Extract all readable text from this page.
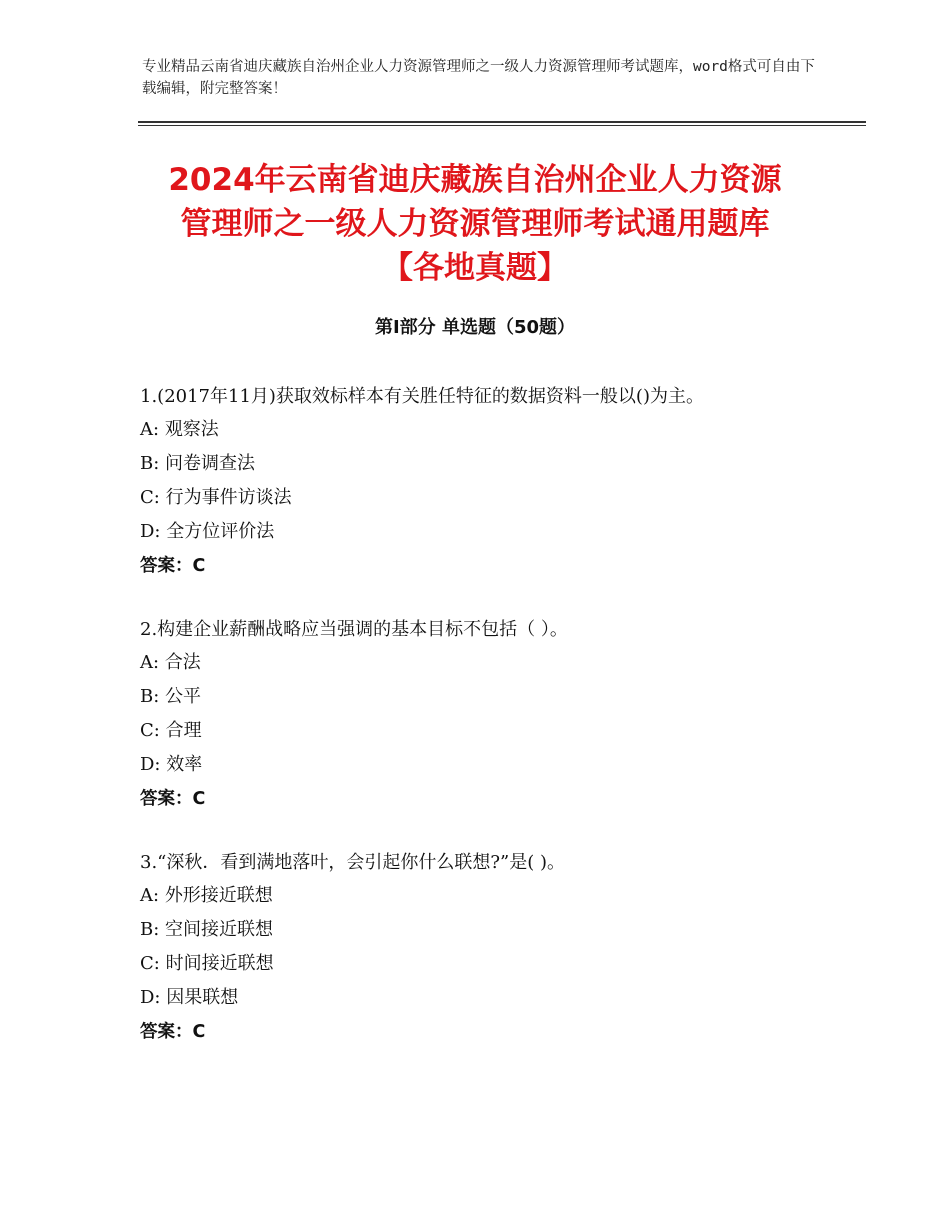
专业精品云南省迪庆藏族自治州企业人力资源管理师之一级人力资源管理师考试题库，word格式可自由下载编辑，附完整答案！
2024年云南省迪庆藏族自治州企业人力资源
管理师之一级人力资源管理师考试通用题库
【各地真题】
第Ⅰ部分 单选题（50题）

1.(2017年11月)获取效标样本有关胜任特征的数据资料一般以()为主。

A: 观察法

B: 问卷调查法

C: 行为事件访谈法

D: 全方位评价法

答案：C

2.构建企业薪酬战略应当强调的基本目标不包括（ ）。

A: 合法

B: 公平

C: 合理

D: 效率

答案：C

3.“深秋．看到满地落叶，会引起你什么联想?”是( )。

A: 外形接近联想

B: 空间接近联想

C: 时间接近联想

D: 因果联想

答案：C
